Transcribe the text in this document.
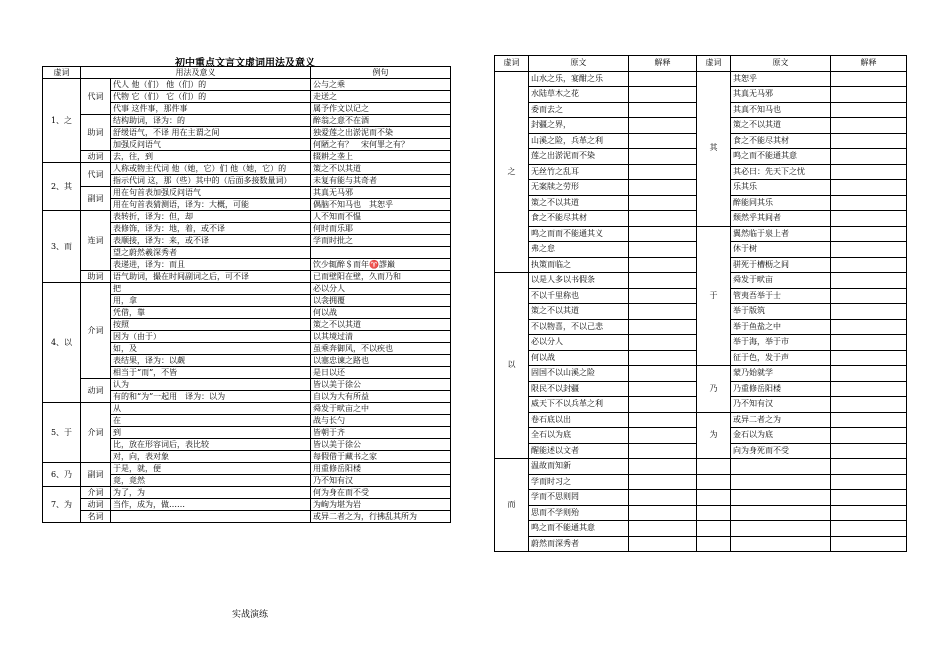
初中重点文言文虚词用法及意义
虚词	用法及意义		例句
1、之	代词	代人 他（们） 他（们）的	公与之乘
		代物 它（们） 它（们）的	走送之
		代事 这件事，那件事	属予作文以记之
	助词	结构助词，译为：的	醉翁之意不在酒
		舒缓语气，不译 用在主谓之间	独爱莲之出淤泥而不染
		加强反问语气	何陋之有？　宋何罪之有？
	动词	去，往，到	辍耕之垄上
2、其	代词	人称或物主代词 他（她，它）们 他（她，它）的	策之不以其道
		指示代词 这，那（些）其中的（后面多接数量词）	未复有能与其奇者
	副词	用在句首表加强反问语气	其真无马邪
		用在句首表猜测语，译为：大概，可能	偶脑不知马也　其恕乎
3、而	连词	表转折，译为：但，却	人不知而不愠
		表修饰，译为：地，着，或不译	何时而乐耶
		表顺接，译为：来，或不译	学而时批之
		望之蔚然羲深秀者	
		表递进，译为：而且	饮少辄醉＄而年♈謬巔
	助词	语气助词，撮在时间副词之后，可不译	已而壁阳在壁，久而乃和
4、以	介词	把	必以分人
		用，拿	以衾拥覆
		凭借，靠	何以战
		按照	策之不以其道
		因为（由于）	以其境过清
		如，及	虽乘奔御风，不以疾也
		表结果，译为：以觑	以塞忠谏之路也
		相当于“而”，不皆	是日以还
	动词	认为	皆以美于徐公
		有的和“为”一起用　译为：以为	自以为大有所益
5、于	介词	从	舜发于畎亩之中
		在	战与长勺
		到	皆朝于齐
		比，放在形容词后，表比较	皆以美于徐公
		对，向，表对象	每假借于藏书之家
6、乃	副词	于是，就，便	用重修岳阳楼
		竟，竟然	乃不知有汉
7、为	介词	为了，为	何为身在而不受
	动词	当作，成为，做……	为岣为堪为岩
	名词		或异二者之为，行拂乱其所为
虚词	原文	解释	虚词	原文	解释
之	山水之乐，宴酣之乐		其	其恕乎	
	水陆草木之花			其真无马邪	
	委而去之			其真不知马也	
	封疆之界，			策之不以其道	
	山溪之险，兵革之利			食之不能尽其材	
	莲之出淤泥而不染			鸣之而不能通其意	
	无丝竹之乱耳			其必曰：先天下之忧	
	无案牍之劳形			乐其乐	
	策之不以其道			醉能同其乐	
	食之不能尽其材			颓然乎其间者	
	鸣之而而不能通其义		于	翼然临于泉上者	
	弗之怠			休于树	
	执策而临之			骈死于槽枥之间	
以	以是人多以书假条			舜发于畎亩	
	不以千里称也			管夷吾举于士	
	策之不以其道			举于版筑	
	不以物喜，不以己悲			举于鱼盐之中	
	必以分人			举于海，举于市	
	何以战			征于色，发于声	
	固国不以山溪之险		乃	蒙乃始就学	
	限民不以封疆			乃重修岳阳楼	
	威天下不以兵革之利			乃不知有汉	
	卷石底以出		为	或异二者之为	
	全石以为底			金石以为底	
	醒能述以文者			向为身死而不受	
而	温故而知新				
	学而时习之				
	学而不思则罔				
	思而不学则殆				
	鸣之而不能通其意				
	蔚然而深秀者				
实战演练
